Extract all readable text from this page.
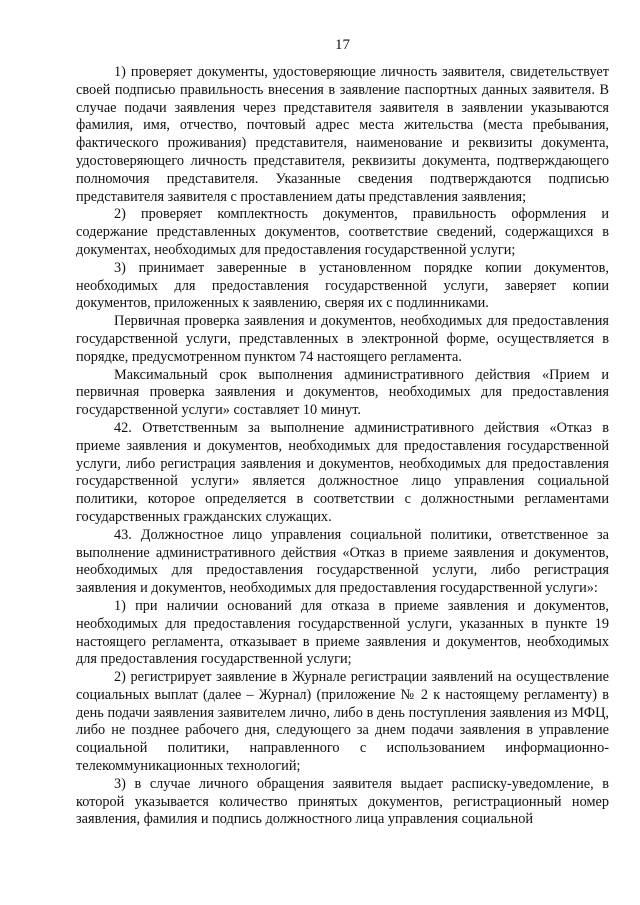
17

1) проверяет документы, удостоверяющие личность заявителя, свидетельствует своей подписью правильность внесения в заявление паспортных данных заявителя. В случае подачи заявления через представителя заявителя в заявлении указываются фамилия, имя, отчество, почтовый адрес места жительства (места пребывания, фактического проживания) представителя, наименование и реквизиты документа, удостоверяющего личность представителя, реквизиты документа, подтверждающего полномочия представителя. Указанные сведения подтверждаются подписью представителя заявителя с проставлением даты представления заявления;

2) проверяет комплектность документов, правильность оформления и содержание представленных документов, соответствие сведений, содержащихся в документах, необходимых для предоставления государственной услуги;

3) принимает заверенные в установленном порядке копии документов, необходимых для предоставления государственной услуги, заверяет копии документов, приложенных к заявлению, сверяя их с подлинниками.

Первичная проверка заявления и документов, необходимых для предоставления государственной услуги, представленных в электронной форме, осуществляется в порядке, предусмотренном пунктом 74 настоящего регламента.

Максимальный срок выполнения административного действия «Прием и первичная проверка заявления и документов, необходимых для предоставления государственной услуги» составляет 10 минут.

42. Ответственным за выполнение административного действия «Отказ в приеме заявления и документов, необходимых для предоставления государственной услуги, либо регистрация заявления и документов, необходимых для предоставления государственной услуги» является должностное лицо управления социальной политики, которое определяется в соответствии с должностными регламентами государственных гражданских служащих.

43. Должностное лицо управления социальной политики, ответственное за выполнение административного действия «Отказ в приеме заявления и документов, необходимых для предоставления государственной услуги, либо регистрация заявления и документов, необходимых для предоставления государственной услуги»:

1) при наличии оснований для отказа в приеме заявления и документов, необходимых для предоставления государственной услуги, указанных в пункте 19 настоящего регламента, отказывает в приеме заявления и документов, необходимых для предоставления государственной услуги;

2) регистрирует заявление в Журнале регистрации заявлений на осуществление социальных выплат (далее – Журнал) (приложение № 2 к настоящему регламенту) в день подачи заявления заявителем лично, либо в день поступления заявления из МФЦ, либо не позднее рабочего дня, следующего за днем подачи заявления в управление социальной политики, направленного с использованием информационно-телекоммуникационных технологий;

3) в случае личного обращения заявителя выдает расписку-уведомление, в которой указывается количество принятых документов, регистрационный номер заявления, фамилия и подпись должностного лица управления социальной
